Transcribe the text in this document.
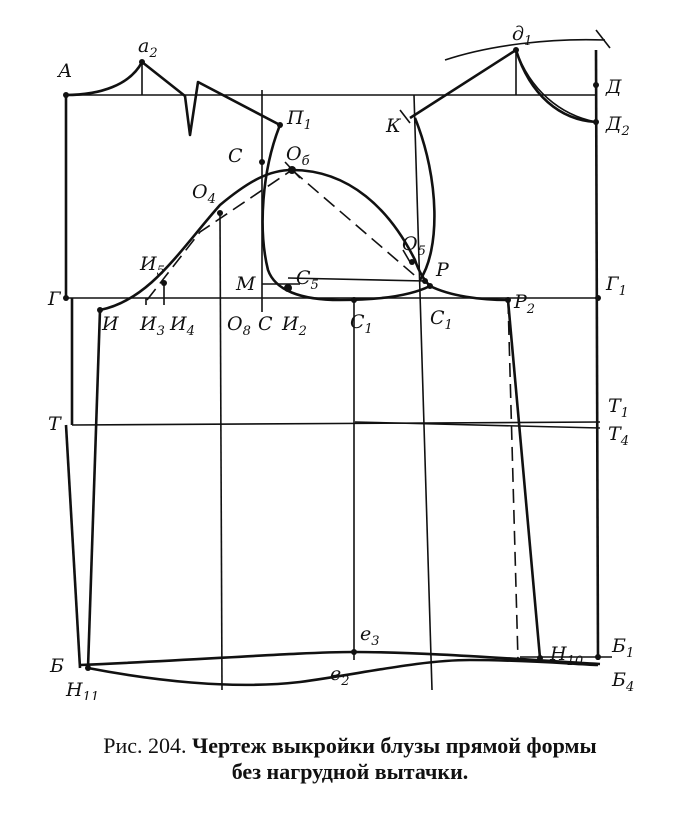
А
$а_2$
$д_1$
Д
$Д_2$
$П_1$	К
С $О_б$
$О_4$
$О_5$
Р
$И_5$
М $С_5$
Г
$Г_1$
И $И_3$ $И_4$ $О_8$ С $И_2$ $С_1$
$С_1$
$Р_2$
Т
$Т_1$
$Т_4$
Б
$е_3$
$Н_{10}$
$Б_1$
$Н_{11}$
$Б_4$
$е_2$
Рис. 204. Чертеж выкройки блузы прямой формы
без нагрудной вытачки.
